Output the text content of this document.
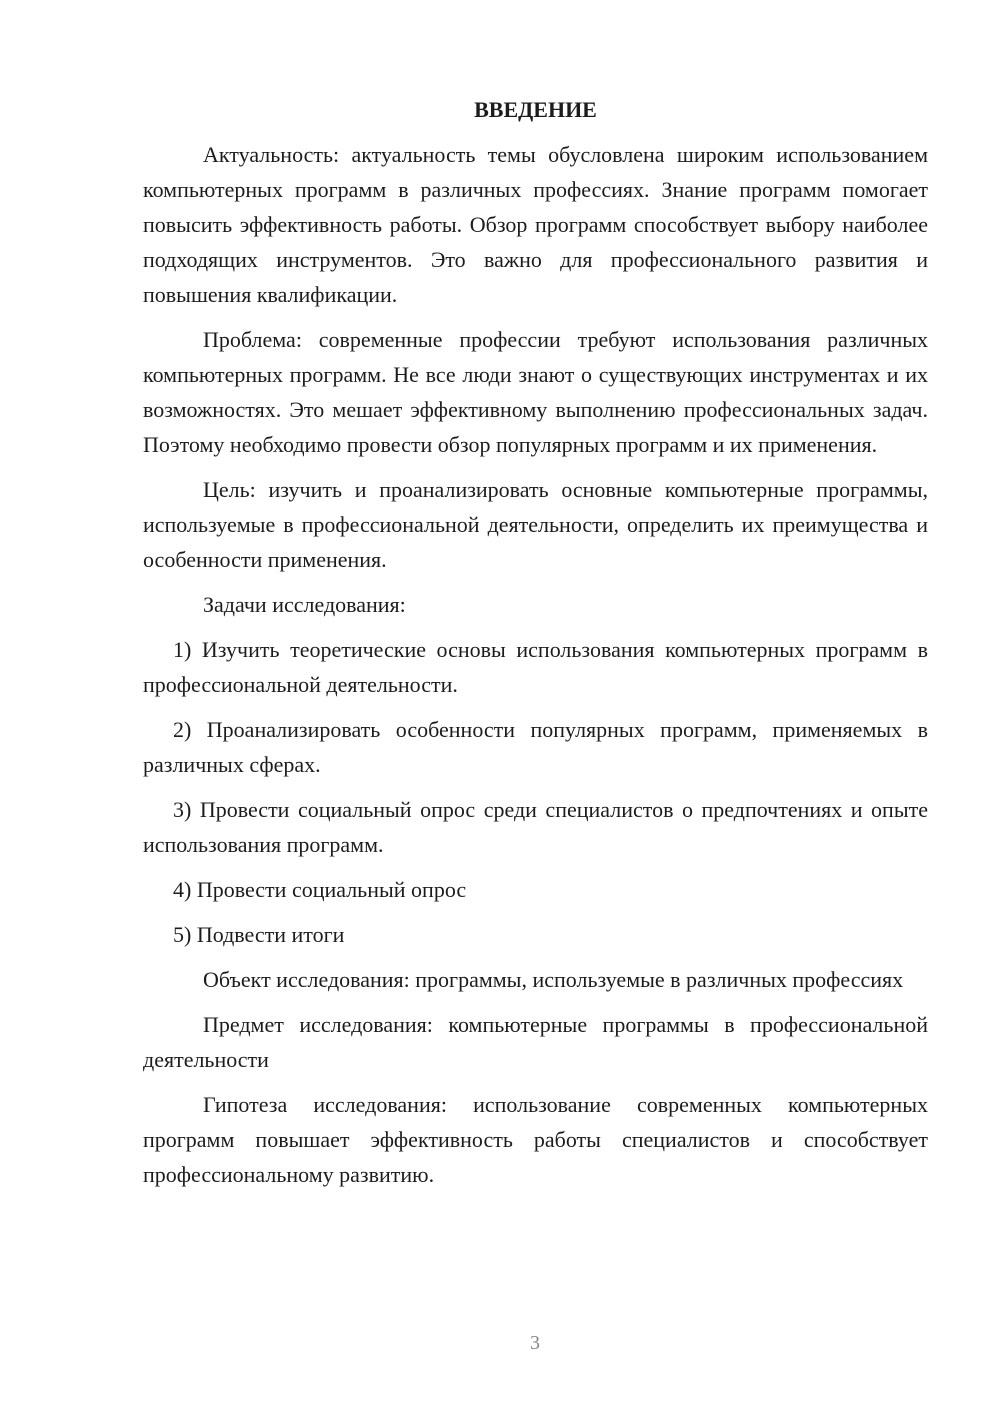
ВВЕДЕНИЕ

Актуальность: актуальность темы обусловлена широким использованием компьютерных программ в различных профессиях. Знание программ помогает повысить эффективность работы. Обзор программ способствует выбору наиболее подходящих инструментов. Это важно для профессионального развития и повышения квалификации.

Проблема: современные профессии требуют использования различных компьютерных программ. Не все люди знают о существующих инструментах и их возможностях. Это мешает эффективному выполнению профессиональных задач. Поэтому необходимо провести обзор популярных программ и их применения.

Цель: изучить и проанализировать основные компьютерные программы, используемые в профессиональной деятельности, определить их преимущества и особенности применения.

Задачи исследования:

1) Изучить теоретические основы использования компьютерных программ в профессиональной деятельности.

2) Проанализировать особенности популярных программ, применяемых в различных сферах.

3) Провести социальный опрос среди специалистов о предпочтениях и опыте использования программ.

4) Провести социальный опрос

5) Подвести итоги

Объект исследования: программы, используемые в различных профессиях

Предмет исследования: компьютерные программы в профессиональной деятельности

Гипотеза исследования: использование современных компьютерных программ повышает эффективность работы специалистов и способствует профессиональному развитию.

3
